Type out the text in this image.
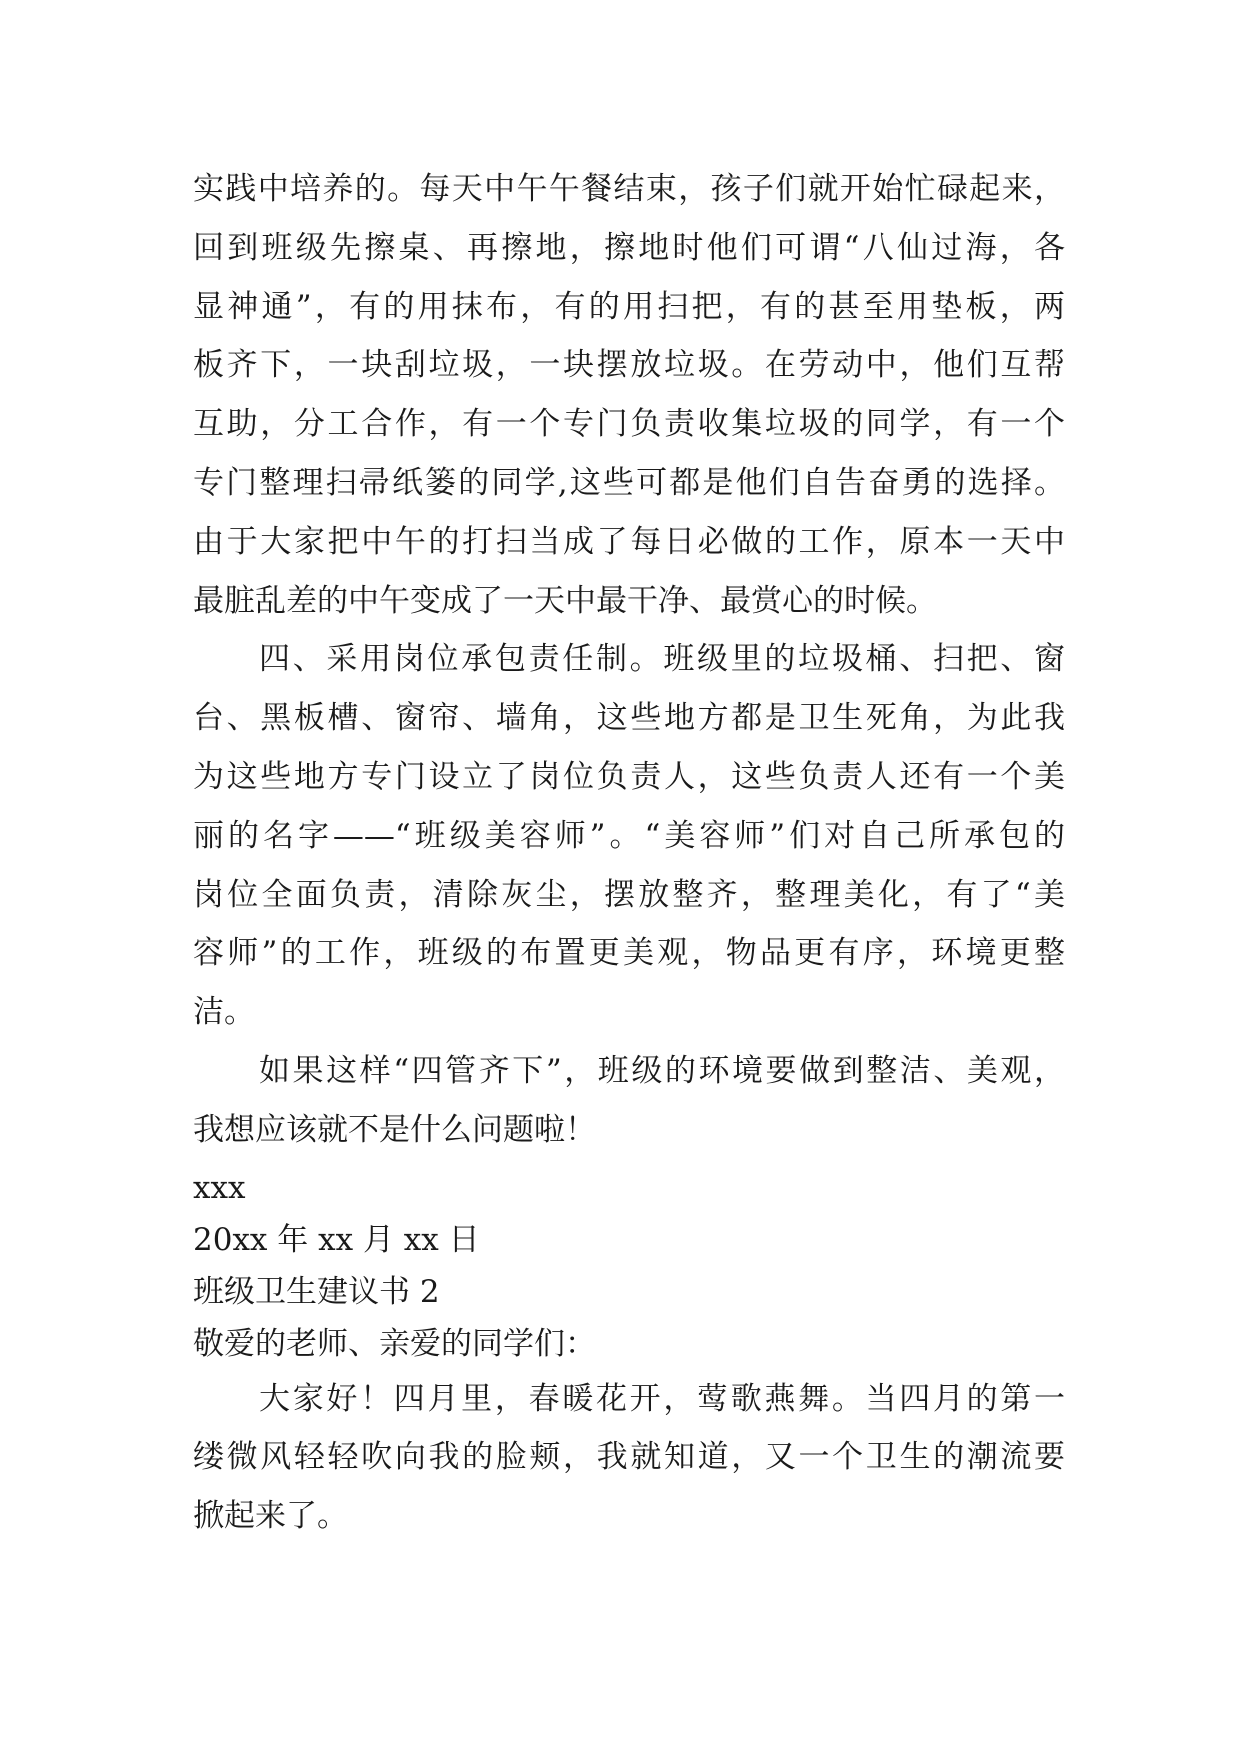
实践中培养的。每天中午午餐结束，孩子们就开始忙碌起来，
回到班级先擦桌、再擦地，擦地时他们可谓“八仙过海，各
显神通”，有的用抹布，有的用扫把，有的甚至用垫板，两
板齐下，一块刮垃圾，一块摆放垃圾。在劳动中，他们互帮
互助，分工合作，有一个专门负责收集垃圾的同学，有一个
专门整理扫帚纸篓的同学,这些可都是他们自告奋勇的选择。
由于大家把中午的打扫当成了每日必做的工作，原本一天中
最脏乱差的中午变成了一天中最干净、最赏心的时候。
四、采用岗位承包责任制。班级里的垃圾桶、扫把、窗
台、黑板槽、窗帘、墙角，这些地方都是卫生死角，为此我
为这些地方专门设立了岗位负责人，这些负责人还有一个美
丽的名字——“班级美容师”。“美容师”们对自己所承包的
岗位全面负责，清除灰尘，摆放整齐，整理美化，有了“美
容师”的工作，班级的布置更美观，物品更有序，环境更整
洁。
如果这样“四管齐下”，班级的环境要做到整洁、美观，
我想应该就不是什么问题啦！
xxx
20xx 年 xx 月 xx 日
班级卫生建议书 2
敬爱的老师、亲爱的同学们：
大家好！四月里，春暖花开，莺歌燕舞。当四月的第一
缕微风轻轻吹向我的脸颊，我就知道，又一个卫生的潮流要
掀起来了。
